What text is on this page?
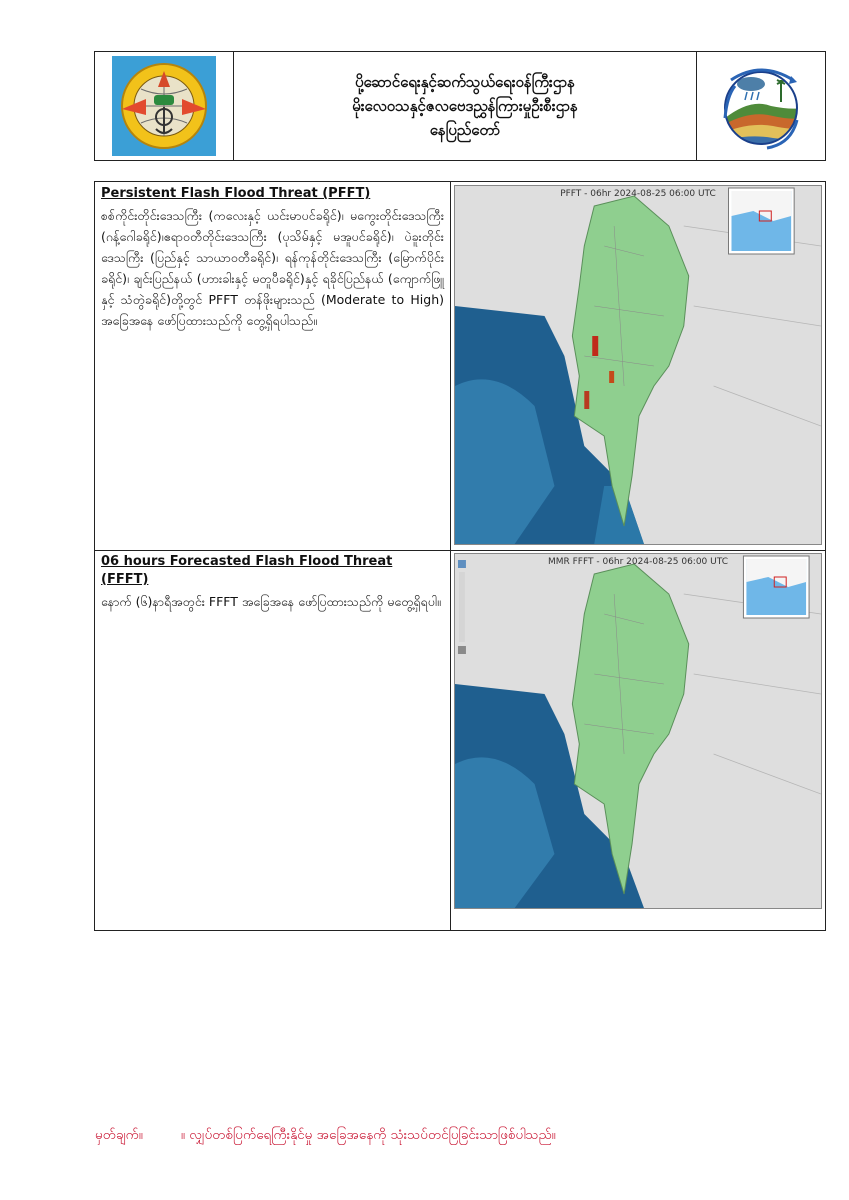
ပို့ဆောင်ရေးနှင့်ဆက်သွယ်ရေးဝန်ကြီးဌာန
မိုးလေဝသနှင့်ဇလဗေဒညွှန်ကြားမှုဦးစီးဌာန
နေပြည်တော်
Persistent Flash Flood Threat (PFFT)

စစ်ကိုင်းတိုင်းဒေသကြီး (ကလေးနှင့် ယင်းမာပင်ခရိုင်)၊ မကွေးတိုင်းဒေသကြီး (ဂန့်ဂေါခရိုင်)၊ဧရာဝတီတိုင်းဒေသကြီး (ပုသိမ်နှင့် မအူပင်ခရိုင်)၊ ပဲခူးတိုင်းဒေသကြီး (ပြည်နှင့် သာယာဝတီခရိုင်)၊ ရန်ကုန်တိုင်းဒေသကြီး (မြောက်ပိုင်းခရိုင်)၊ ချင်းပြည်နယ် (ဟားခါးနှင့် မတူပီခရိုင်)နှင့် ရခိုင်ပြည်နယ် (ကျောက်ဖြူနှင့် သံတွဲခရိုင်)တို့တွင် PFFT တန်ဖိုးများသည် (Moderate to High) အခြေအနေ ဖော်ပြထားသည်ကို တွေ့ရှိရပါသည်။

PFFT - 06hr 2024-08-25 06:00 UTC
06 hours Forecasted Flash Flood Threat (FFFT)

နောက် (၆)နာရီအတွင်း FFFT အခြေအနေ ဖော်ပြထားသည်ကို မတွေ့ရှိရပါ။

MMR FFFT - 06hr 2024-08-25 06:00 UTC
မှတ်ချက်။	။ လျှပ်တစ်ပြက်ရေကြီးနိုင်မှု အခြေအနေကို သုံးသပ်တင်ပြခြင်းသာဖြစ်ပါသည်။
